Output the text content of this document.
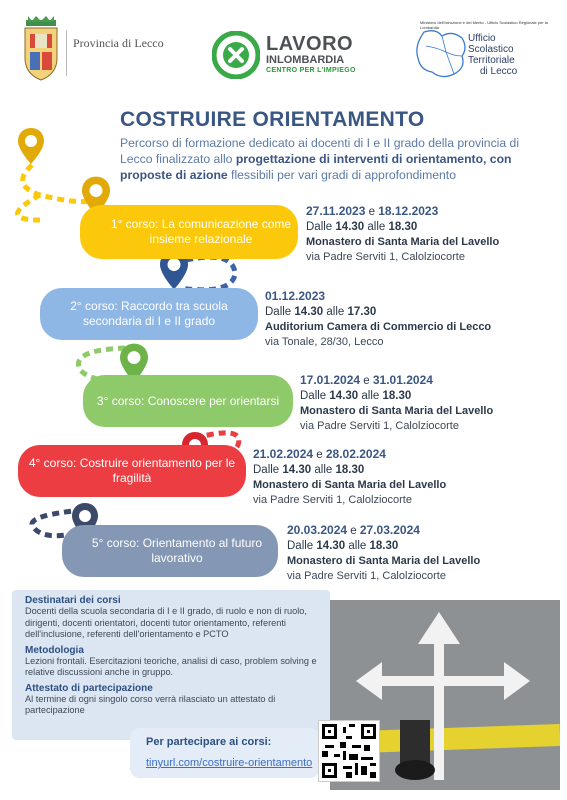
Provincia di Lecco	LAVORO
INLOMBARDIA
CENTRO PER L'IMPIEGO
Ministero dell'Istruzione e del Merito - Ufficio Scolastico Regionale per la Lombardia
Ufficio
Scolastico
Territoriale
di Lecco
COSTRUIRE ORIENTAMENTO
Percorso di formazione dedicato ai docenti di I e II grado della provincia di Lecco finalizzato allo progettazione di interventi di orientamento, con proposte di azione flessibili per vari gradi di approfondimento
1° corso: La comunicazione come insieme relazionale
27.11.2023 e 18.12.2023
Dalle 14.30 alle 18.30
Monastero di Santa Maria del Lavello
via Padre Serviti 1, Calolziocorte
2° corso: Raccordo tra scuola secondaria di I e II grado
01.12.2023
Dalle 14.30 alle 17.30
Auditorium Camera di Commercio di Lecco
via Tonale, 28/30, Lecco
3° corso: Conoscere per orientarsi
17.01.2024 e 31.01.2024
Dalle 14.30 alle 18.30
Monastero di Santa Maria del Lavello
via Padre Serviti 1, Calolziocorte
4° corso: Costruire orientamento per le fragilità
21.02.2024 e 28.02.2024
Dalle 14.30 alle 18.30
Monastero di Santa Maria del Lavello
via Padre Serviti 1, Calolziocorte
5° corso: Orientamento al futuro lavorativo
20.03.2024 e 27.03.2024
Dalle 14.30 alle 18.30
Monastero di Santa Maria del Lavello
via Padre Serviti 1, Calolziocorte
Destinatari dei corsi
Docenti della scuola secondaria di I e II grado, di ruolo e non di ruolo, dirigenti, docenti orientatori, docenti tutor orientamento, referenti dell'inclusione, referenti dell'orientamento e PCTO
Metodologia
Lezioni frontali. Esercitazioni teoriche, analisi di caso, problem solving e relative discussioni anche in gruppo.
Attestato di partecipazione
Al termine di ogni singolo corso verrà rilasciato un attestato di partecipazione
Per partecipare ai corsi:
tinyurl.com/costruire-orientamento
